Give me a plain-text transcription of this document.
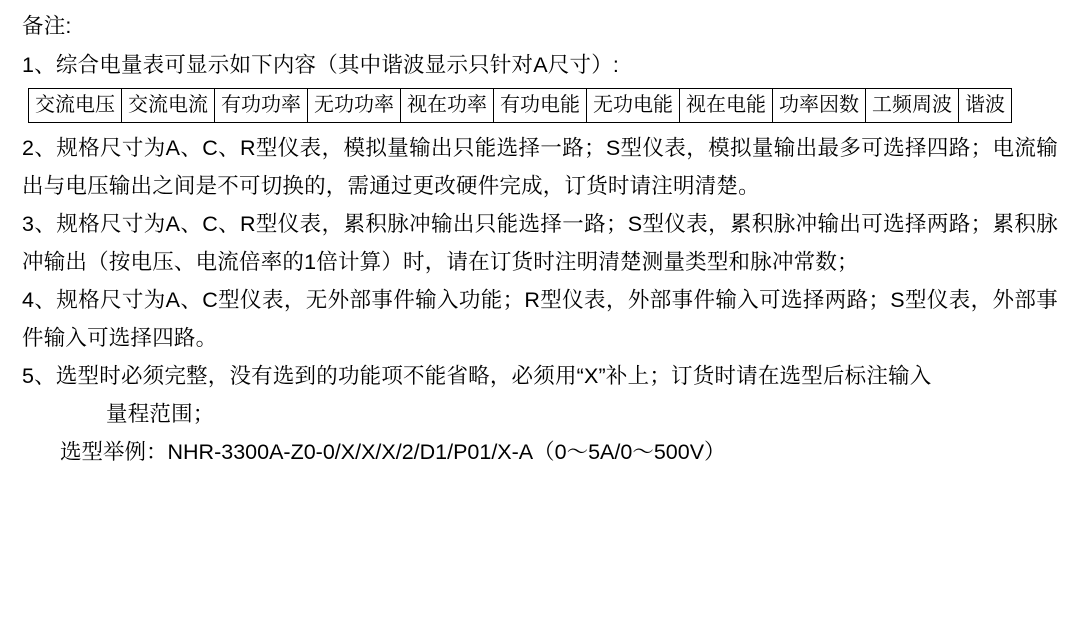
备注:
1、综合电量表可显示如下内容（其中谐波显示只针对A尺寸）:
交流电压	交流电流	有功功率	无功功率	视在功率	有功电能	无功电能	视在电能	功率因数	工频周波	谐波
2、规格尺寸为A、C、R型仪表，模拟量输出只能选择一路；S型仪表，模拟量输出最多可选择四路；电流输出与电压输出之间是不可切换的，需通过更改硬件完成，订货时请注明清楚。
3、规格尺寸为A、C、R型仪表，累积脉冲输出只能选择一路；S型仪表，累积脉冲输出可选择两路；累积脉冲输出（按电压、电流倍率的1倍计算）时，请在订货时注明清楚测量类型和脉冲常数；
4、规格尺寸为A、C型仪表，无外部事件输入功能；R型仪表，外部事件输入可选择两路；S型仪表，外部事件输入可选择四路。
5、选型时必须完整，没有选到的功能项不能省略，必须用“X”补上；订货时请在选型后标注输入
量程范围；
选型举例：NHR-3300A-Z0-0/X/X/X/2/D1/P01/X-A（0～5A/0～500V）
